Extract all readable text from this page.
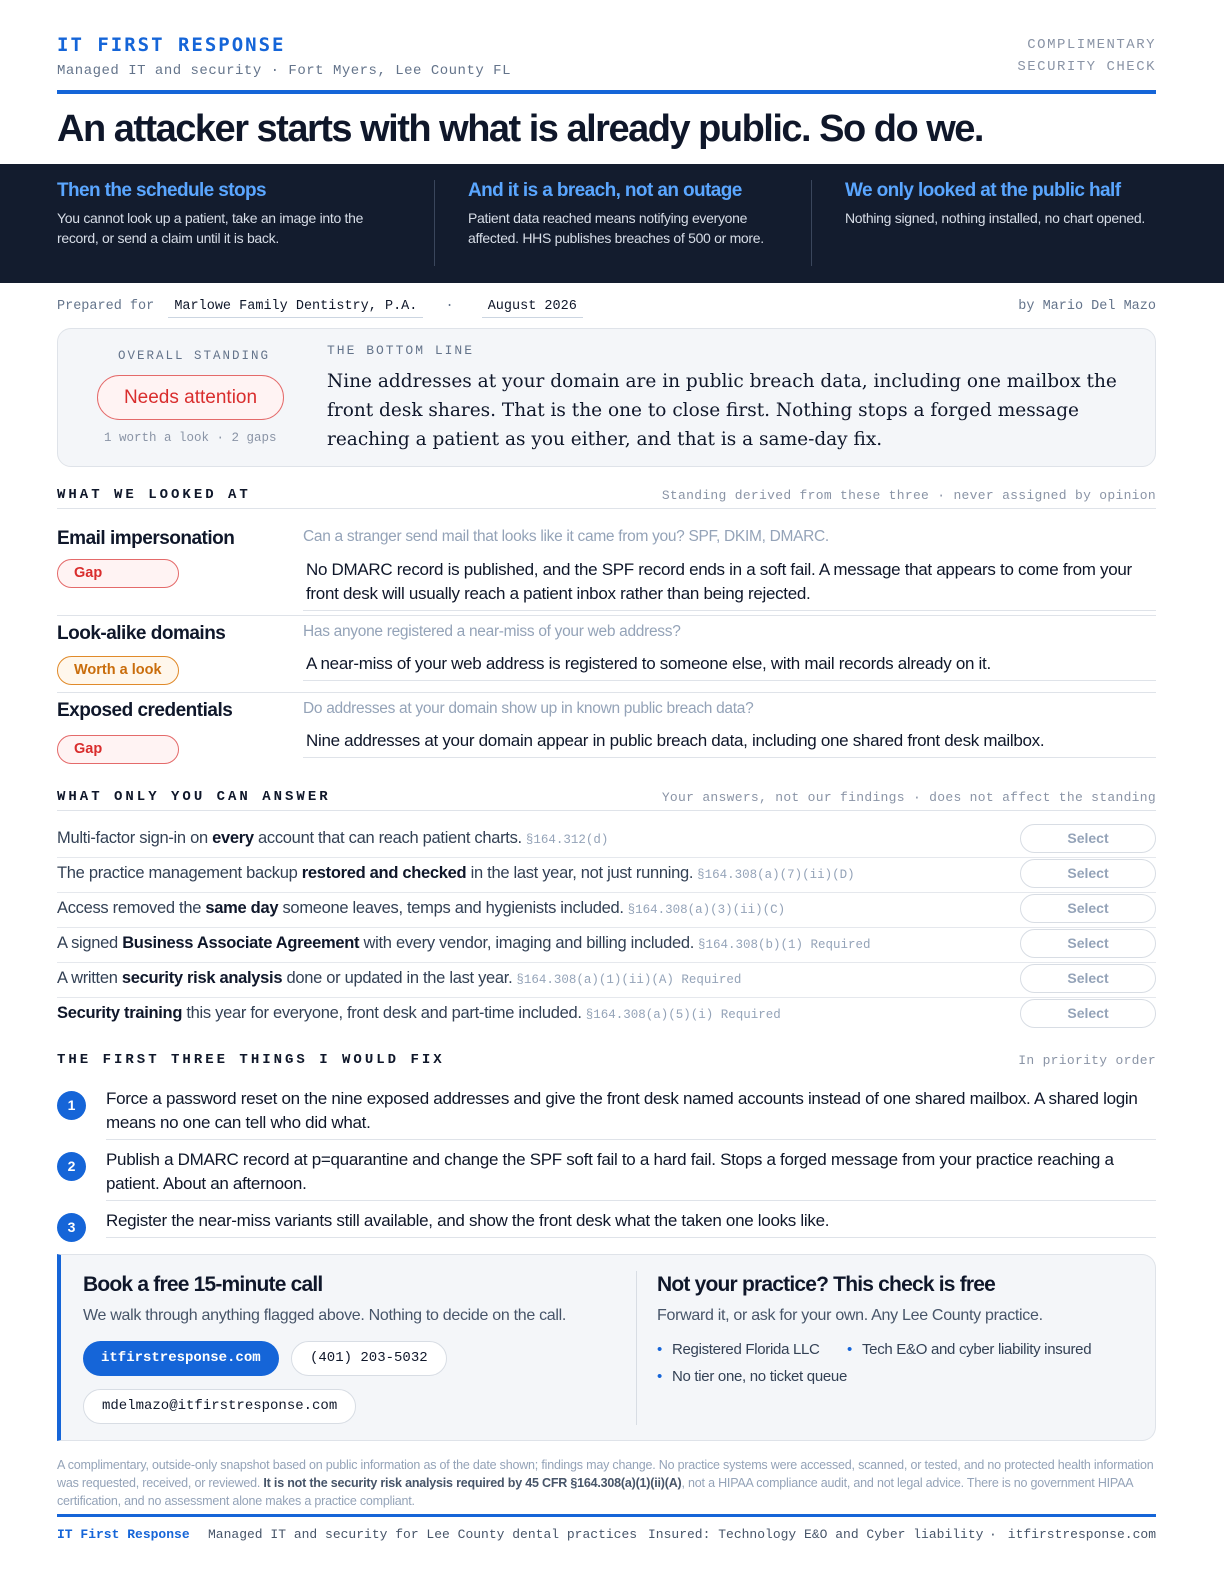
IT FIRST RESPONSE
Managed IT and security · Fort Myers, Lee County FL
COMPLIMENTARY
SECURITY CHECK
An attacker starts with what is already public. So do we.
Then the schedule stops

You cannot look up a patient, take an image into the record, or send a claim until it is back.

And it is a breach, not an outage

Patient data reached means notifying everyone affected. HHS publishes breaches of 500 or more.

We only looked at the public half

Nothing signed, nothing installed, no chart opened.

Prepared for Marlowe Family Dentistry, P.A. ·	August 2026	by Mario Del Mazo
OVERALL STANDING
Needs attention
1 worth a look · 2 gaps
THE BOTTOM LINE
Nine addresses at your domain are in public breach data, including one mailbox the front desk shares. That is the one to close first. Nothing stops a forged message reaching a patient as you either, and that is a same-day fix.
WHAT WE LOOKED AT	Standing derived from these three · never assigned by opinion
Email impersonation
Gap
Can a stranger send mail that looks like it came from you? SPF, DKIM, DMARC.
No DMARC record is published, and the SPF record ends in a soft fail. A message that appears to come from your front desk will usually reach a patient inbox rather than being rejected.
Look-alike domains
Worth a look
Has anyone registered a near-miss of your web address?
A near-miss of your web address is registered to someone else, with mail records already on it.
Exposed credentials
Gap
Do addresses at your domain show up in known public breach data?
Nine addresses at your domain appear in public breach data, including one shared front desk mailbox.
WHAT ONLY YOU CAN ANSWER	Your answers, not our findings · does not affect the standing
Multi-factor sign-in on every account that can reach patient charts. §164.312(d)	Select
The practice management backup restored and checked in the last year, not just running. §164.308(a)(7)(ii)(D)	Select
Access removed the same day someone leaves, temps and hygienists included. §164.308(a)(3)(ii)(C)	Select
A signed Business Associate Agreement with every vendor, imaging and billing included. §164.308(b)(1) Required	Select
A written security risk analysis done or updated in the last year. §164.308(a)(1)(ii)(A) Required	Select
Security training this year for everyone, front desk and part-time included. §164.308(a)(5)(i) Required	Select
THE FIRST THREE THINGS I WOULD FIX	In priority order
1	Force a password reset on the nine exposed addresses and give the front desk named accounts instead of one shared mailbox. A shared login means no one can tell who did what.
2	Publish a DMARC record at p=quarantine and change the SPF soft fail to a hard fail. Stops a forged message from your practice reaching a patient. About an afternoon.
3	Register the near-miss variants still available, and show the front desk what the taken one looks like.
Book a free 15-minute call
We walk through anything flagged above. Nothing to decide on the call.
itfirstresponse.com	(401) 203-5032
mdelmazo@itfirstresponse.com
Not your practice? This check is free
Forward it, or ask for your own. Any Lee County practice.
• Registered Florida LLC
•	Tech E&O and cyber liability insured
• No tier one, no ticket queue
A complimentary, outside-only snapshot based on public information as of the date shown; findings may change. No practice systems were accessed, scanned, or tested, and no protected health information was requested, received, or reviewed. It is not the security risk analysis required by 45 CFR §164.308(a)(1)(ii)(A), not a HIPAA compliance audit, and not legal advice. There is no government HIPAA certification, and no assessment alone makes a practice compliant.
IT First Response Managed IT and security for Lee County dental practices Insured: Technology E&O and Cyber liability · itfirstresponse.com
